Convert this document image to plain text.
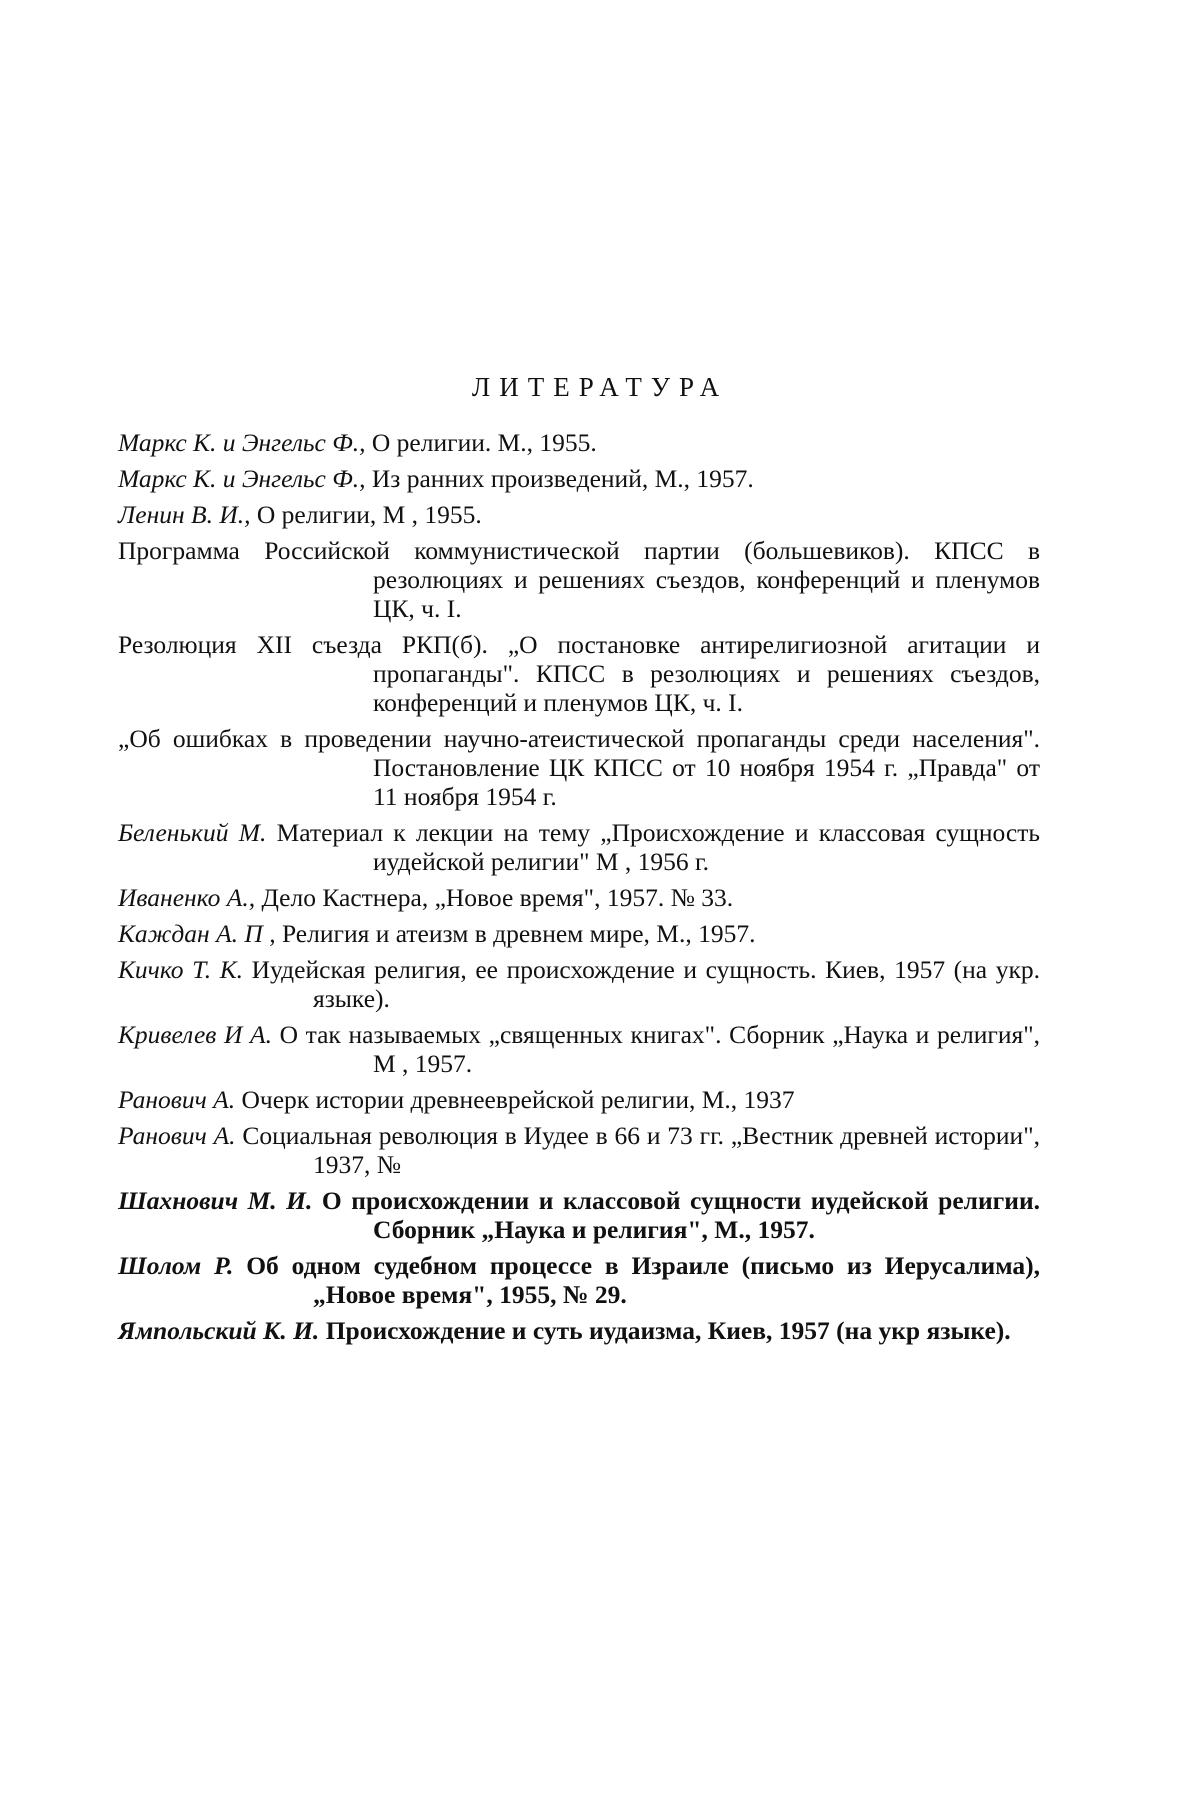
ЛИТЕРАТУРА
Маркс К. и Энгельс Ф., О религии. М., 1955.
Маркс К. и Энгельс Ф., Из ранних произведений, М., 1957.
Ленин В. И., О религии, М , 1955.
Программа Российской коммунистической партии (большевиков). КПСС в резолюциях и решениях съездов, конференций и пленумов ЦК, ч. I.
Резолюция XII съезда РКП(б). „О постановке антирелигиозной агитации и пропаганды". КПСС в резолюциях и решениях съездов, конференций и пленумов ЦК, ч. I.
„Об ошибках в проведении научно-атеистической пропаганды среди населения". Постановление ЦК КПСС от 10 ноября 1954 г. „Правда" от 11 ноября 1954 г.
Беленький М. Материал к лекции на тему „Происхождение и классовая сущность иудейской религии" М , 1956 г.
Иваненко А., Дело Кастнера, „Новое время", 1957. № 33.
Каждан А. П , Религия и атеизм в древнем мире, М., 1957.
Кичко Т. К. Иудейская религия, ее происхождение и сущность. Киев, 1957 (на укр. языке).
Кривелев И А. О так называемых „священных книгах". Сборник „Наука и религия", М , 1957.
Ранович А. Очерк истории древнееврейской религии, М., 1937
Ранович А. Социальная революция в Иудее в 66 и 73 гг. „Вестник древней истории", 1937, №
Шахнович М. И. О происхождении и классовой сущности иудейской религии. Сборник „Наука и религия", М., 1957.
Шолом Р. Об одном судебном процессе в Израиле (письмо из Иерусалима), „Новое время", 1955, № 29.
Ямпольский К. И. Происхождение и суть иудаизма, Киев, 1957 (на укр языке).
